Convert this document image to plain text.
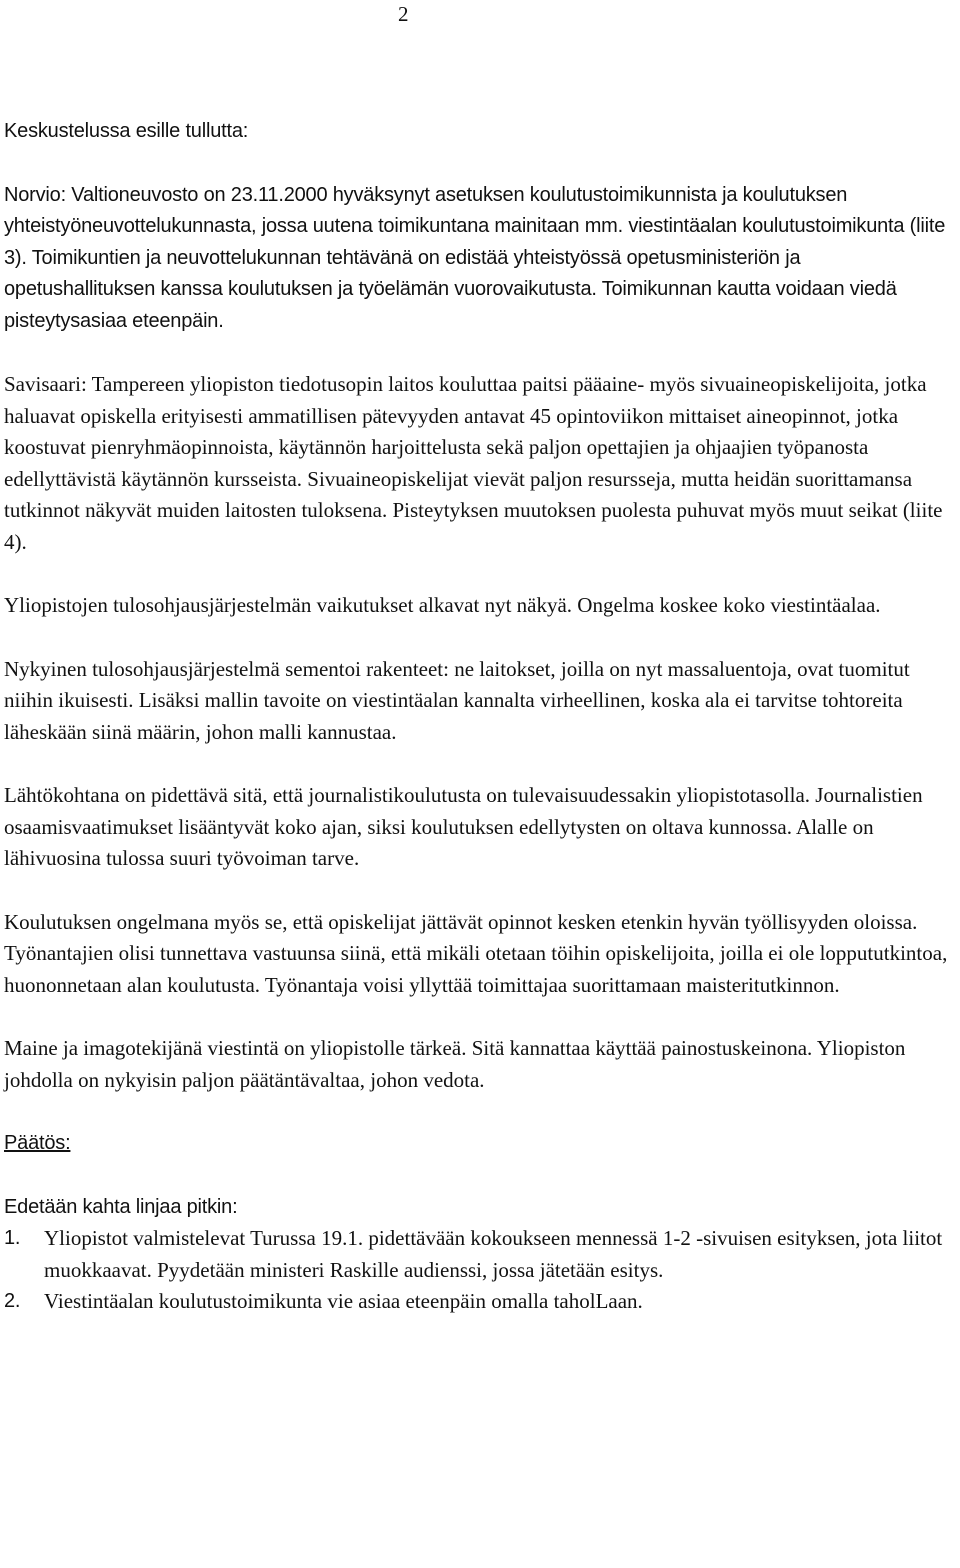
2

Keskustelussa esille tullutta:

Norvio: Valtioneuvosto on 23.11.2000 hyväksynyt asetuksen koulutustoimikunnista ja koulutuksen yhteistyöneuvottelukunnasta, jossa uutena toimikuntana mainitaan mm. viestintäalan koulutustoimikunta (liite 3). Toimikuntien ja neuvottelukunnan tehtävänä on edistää yhteistyössä opetusministeriön ja opetushallituksen kanssa koulutuksen ja työelämän vuorovaikutusta. Toimikunnan kautta voidaan viedä pisteytysasiaa eteenpäin.

Savisaari: Tampereen yliopiston tiedotusopin laitos kouluttaa paitsi pääaine- myös sivuaineopiskelijoita, jotka haluavat opiskella erityisesti ammatillisen pätevyyden antavat 45 opintoviikon mittaiset aineopinnot, jotka koostuvat pienryhmäopinnoista, käytännön harjoittelusta sekä paljon opettajien ja ohjaajien työpanosta edellyttävistä käytännön kursseista. Sivuaineopiskelijat vievät paljon resursseja, mutta heidän suorittamansa tutkinnot näkyvät muiden laitosten tuloksena. Pisteytyksen muutoksen puolesta puhuvat myös muut seikat (liite 4).

Yliopistojen tulosohjausjärjestelmän vaikutukset alkavat nyt näkyä. Ongelma koskee koko viestintäalaa.

Nykyinen tulosohjausjärjestelmä sementoi rakenteet: ne laitokset, joilla on nyt massaluentoja, ovat tuomitut niihin ikuisesti. Lisäksi mallin tavoite on viestintäalan kannalta virheellinen, koska ala ei tarvitse tohtoreita läheskään siinä määrin, johon malli kannustaa.

Lähtökohtana on pidettävä sitä, että journalistikoulutusta on tulevaisuudessakin yliopistotasolla. Journalistien osaamisvaatimukset lisääntyvät koko ajan, siksi koulutuksen edellytysten on oltava kunnossa. Alalle on lähivuosina tulossa suuri työvoiman tarve.

Koulutuksen ongelmana myös se, että opiskelijat jättävät opinnot kesken etenkin hyvän työllisyyden oloissa. Työnantajien olisi tunnettava vastuunsa siinä, että mikäli otetaan töihin opiskelijoita, joilla ei ole loppututkintoa, huononnetaan alan koulutusta. Työnantaja voisi yllyttää toimittajaa suorittamaan maisteritutkinnon.

Maine ja imagotekijänä viestintä on yliopistolle tärkeä. Sitä kannattaa käyttää painostuskeinona. Yliopiston johdolla on nykyisin paljon päätäntävaltaa, johon vedota.

Päätös:

Edetään kahta linjaa pitkin:

1. Yliopistot valmistelevat Turussa 19.1. pidettävään kokoukseen mennessä 1-2 -sivuisen esityksen, jota liitot muokkaavat. Pyydetään ministeri Raskille audienssi, jossa jätetään esitys.
2. Viestintäalan koulutustoimikunta vie asiaa eteenpäin omalla taholLaan.
